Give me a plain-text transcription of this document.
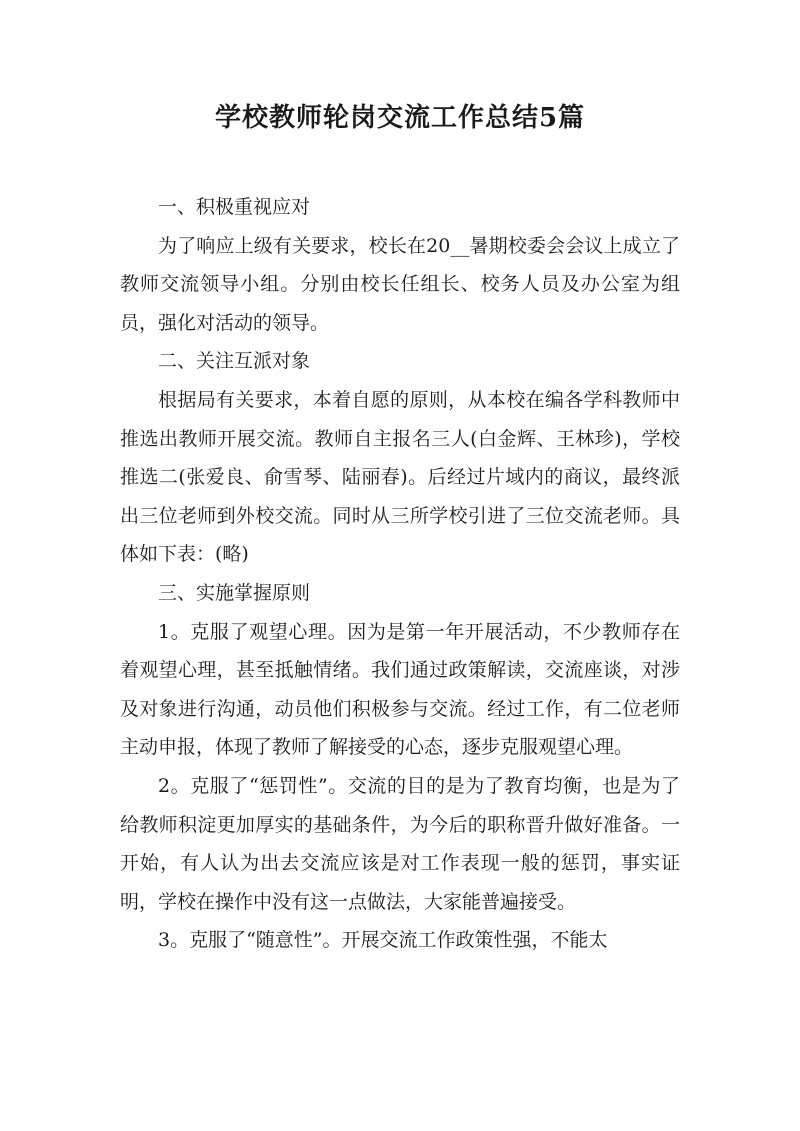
学校教师轮岗交流工作总结5篇

一、积极重视应对

为了响应上级有关要求，校长在20__暑期校委会会议上成立了教师交流领导小组。分别由校长任组长、校务人员及办公室为组员，强化对活动的领导。

二、关注互派对象

根据局有关要求，本着自愿的原则，从本校在编各学科教师中推选出教师开展交流。教师自主报名三人(白金辉、王林珍)，学校推选二(张爱良、俞雪琴、陆丽春)。后经过片域内的商议，最终派出三位老师到外校交流。同时从三所学校引进了三位交流老师。具体如下表：(略)

三、实施掌握原则

1。克服了观望心理。因为是第一年开展活动，不少教师存在着观望心理，甚至抵触情绪。我们通过政策解读，交流座谈，对涉及对象进行沟通，动员他们积极参与交流。经过工作，有二位老师主动申报，体现了教师了解接受的心态，逐步克服观望心理。

2。克服了“惩罚性”。交流的目的是为了教育均衡，也是为了给教师积淀更加厚实的基础条件，为今后的职称晋升做好准备。一开始，有人认为出去交流应该是对工作表现一般的惩罚，事实证明，学校在操作中没有这一点做法，大家能普遍接受。

3。克服了“随意性”。开展交流工作政策性强，不能太
